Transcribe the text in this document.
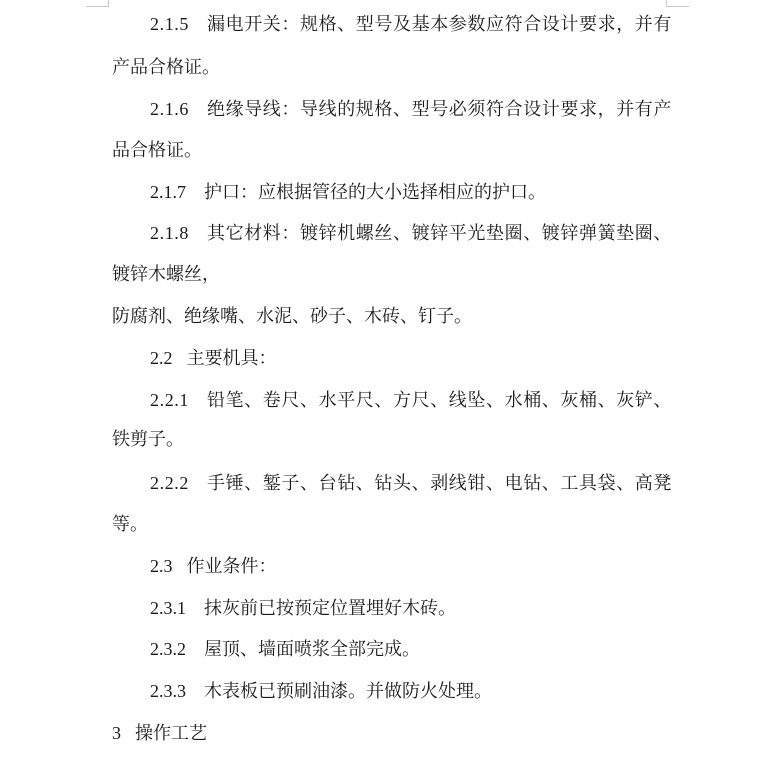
2.1.5 漏电开关：规格、型号及基本参数应符合设计要求，并有
产品合格证。
2.1.6 绝缘导线：导线的规格、型号必须符合设计要求，并有产
品合格证。
2.1.7 护口：应根据管径的大小选择相应的护口。
2.1.8 其它材料：镀锌机螺丝、镀锌平光垫圈、镀锌弹簧垫圈、
镀锌木螺丝，
防腐剂、绝缘嘴、水泥、砂子、木砖、钉子。
2.2 主要机具：
2.2.1 铅笔、卷尺、水平尺、方尺、线坠、水桶、灰桶、灰铲、
铁剪子。
2.2.2 手锤、錾子、台钻、钻头、剥线钳、电钻、工具袋、高凳
等。
2.3 作业条件：
2.3.1 抹灰前已按预定位置埋好木砖。
2.3.2 屋顶、墙面喷浆全部完成。
2.3.3 木表板已预刷油漆。并做防火处理。
3 操作工艺
